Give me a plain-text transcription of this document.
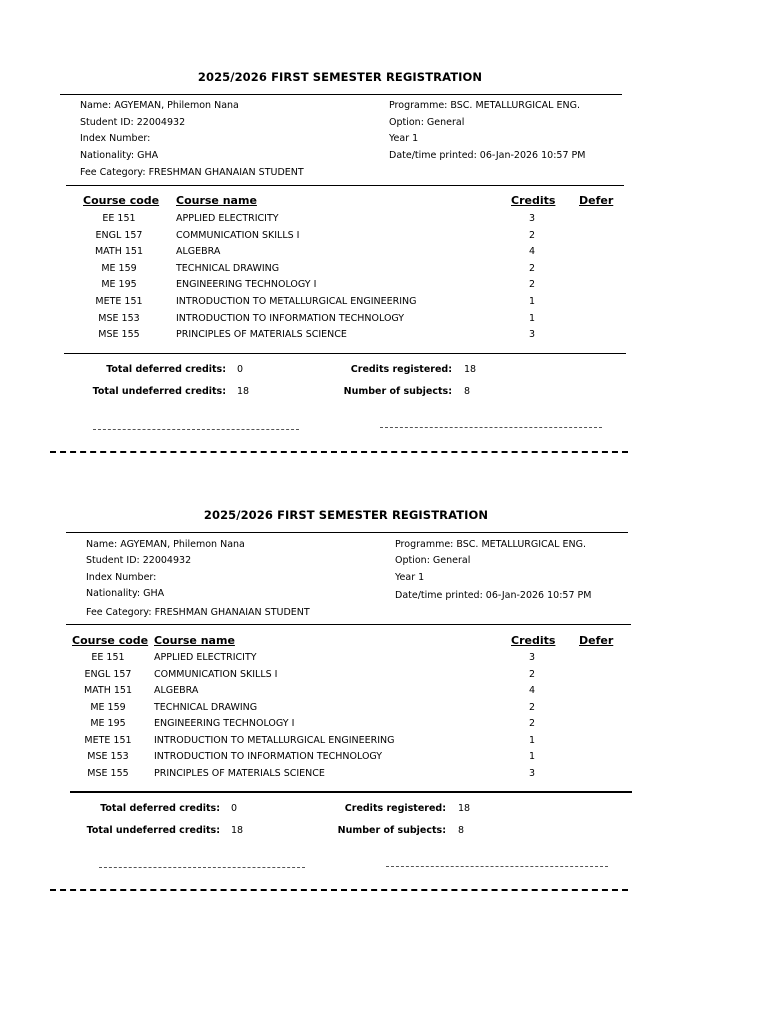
2025/2026 FIRST SEMESTER REGISTRATION
Name: AGYEMAN, Philemon Nana
Student ID: 22004932
Index Number:
Nationality: GHA
Fee Category: FRESHMAN GHANAIAN STUDENT
Programme: BSC. METALLURGICAL ENG.
Option: General
Year 1
Date/time printed: 06-Jan-2026 10:57 PM
Course code Course name	Credits Defer
EE 151	APPLIED ELECTRICITY	3
ENGL 157	COMMUNICATION SKILLS I	2
MATH 151	ALGEBRA	4
ME 159	TECHNICAL DRAWING	2
ME 195	ENGINEERING TECHNOLOGY I	2
METE 151	INTRODUCTION TO METALLURGICAL ENGINEERING	1
MSE 153	INTRODUCTION TO INFORMATION TECHNOLOGY	1
MSE 155	PRINCIPLES OF MATERIALS SCIENCE	3
Total deferred credits: 0
Total undeferred credits: 18
Credits registered: 18
Number of subjects: 8
2025/2026 FIRST SEMESTER REGISTRATION
Name: AGYEMAN, Philemon Nana
Student ID: 22004932
Index Number:
Nationality: GHA
Fee Category: FRESHMAN GHANAIAN STUDENT
Programme: BSC. METALLURGICAL ENG.
Option: General
Year 1
Date/time printed: 06-Jan-2026 10:57 PM
Course code Course name	Credits Defer
EE 151	APPLIED ELECTRICITY	3
ENGL 157	COMMUNICATION SKILLS I	2
MATH 151	ALGEBRA	4
ME 159	TECHNICAL DRAWING	2
ME 195	ENGINEERING TECHNOLOGY I	2
METE 151	INTRODUCTION TO METALLURGICAL ENGINEERING	1
MSE 153	INTRODUCTION TO INFORMATION TECHNOLOGY	1
MSE 155	PRINCIPLES OF MATERIALS SCIENCE	3
Total deferred credits: 0
Total undeferred credits: 18
Credits registered: 18
Number of subjects: 8
